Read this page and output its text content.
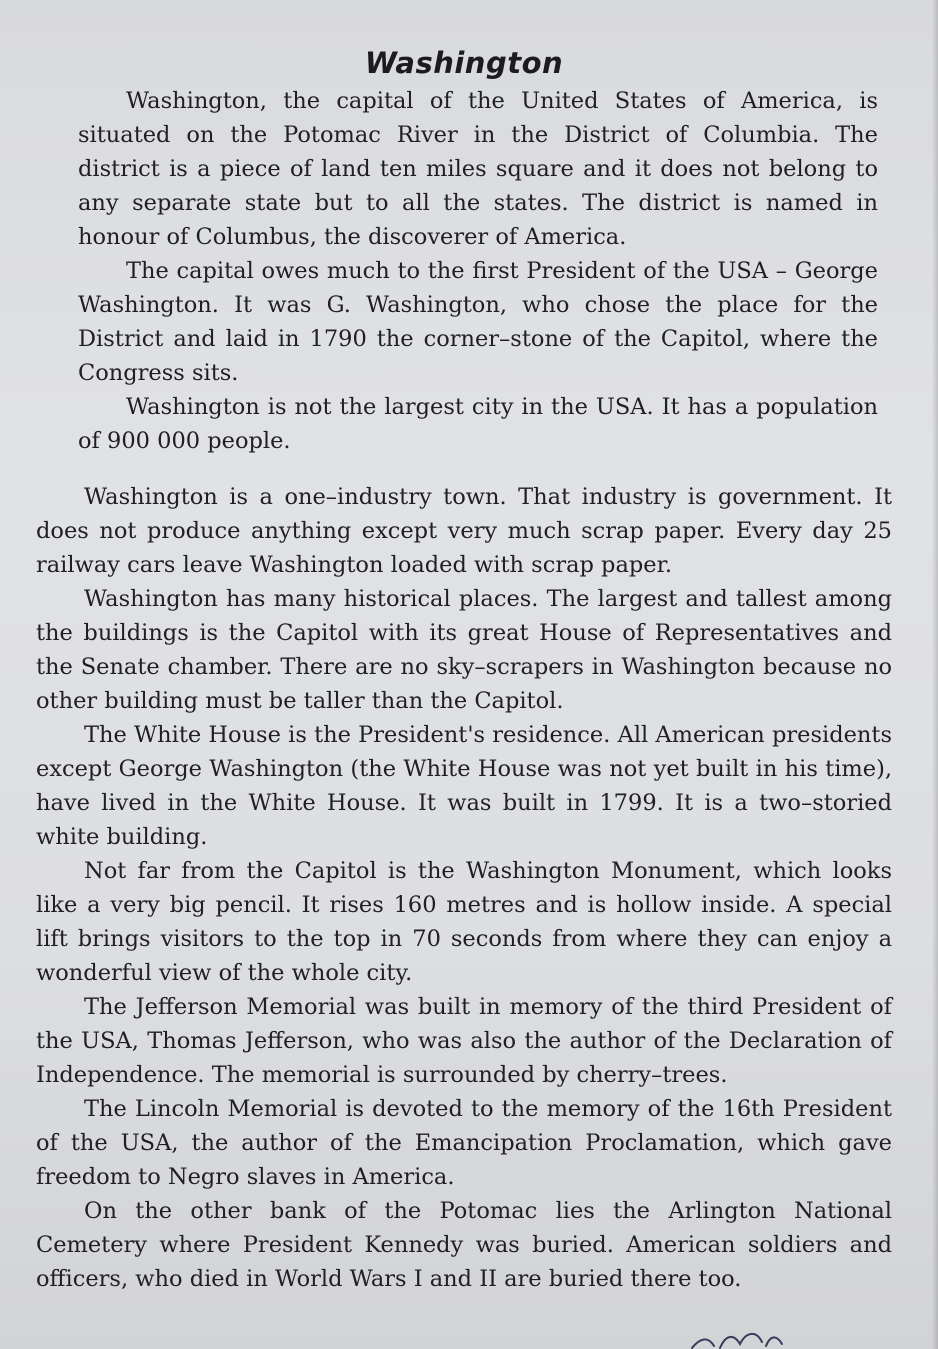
Washington

Washington, the capital of the United States of America, is situated on the Potomac River in the District of Columbia. The district is a piece of land ten miles square and it does not belong to any separate state but to all the states. The district is named in honour of Columbus, the discoverer of America.

The capital owes much to the first President of the USA – George Washington. It was G. Washington, who chose the place for the District and laid in 1790 the corner–stone of the Capitol, where the Congress sits.

Washington is not the largest city in the USA. It has a population of 900 000 people.

Washington is a one–industry town. That industry is government. It does not produce anything except very much scrap paper. Every day 25 railway cars leave Washington loaded with scrap paper.

Washington has many historical places. The largest and tallest among the buildings is the Capitol with its great House of Representatives and the Senate chamber. There are no sky–scrapers in Washington because no other building must be taller than the Capitol.

The White House is the President's residence. All American presidents except George Washington (the White House was not yet built in his time), have lived in the White House. It was built in 1799. It is a two–storied white building.

Not far from the Capitol is the Washington Monument, which looks like a very big pencil. It rises 160 metres and is hollow inside. A special lift brings visitors to the top in 70 seconds from where they can enjoy a wonderful view of the whole city.

The Jefferson Memorial was built in memory of the third President of the USA, Thomas Jefferson, who was also the author of the Declaration of Independence. The memorial is surrounded by cherry–trees.

The Lincoln Memorial is devoted to the memory of the 16th President of the USA, the author of the Emancipation Proclamation, which gave freedom to Negro slaves in America.

On the other bank of the Potomac lies the Arlington National Cemetery where President Kennedy was buried. American soldiers and officers, who died in World Wars I and II are buried there too.
